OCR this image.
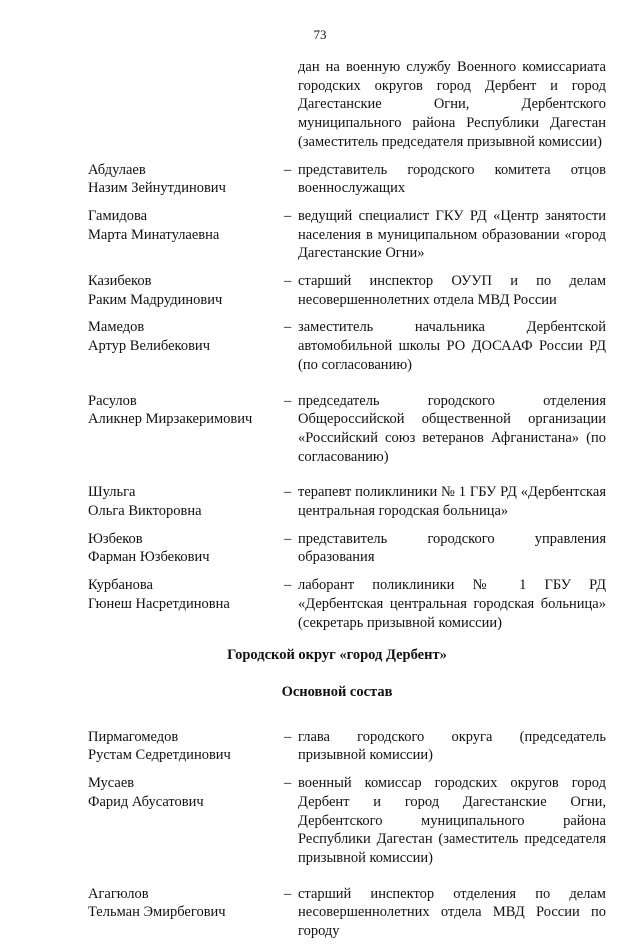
73
дан на военную службу Военного комиссариата городских округов город Дербент и город Дагестанские Огни, Дербентского муниципального района Республики Дагестан (заместитель председателя призывной комиссии)
Абдулаев
Назим Зейнутдинович
– представитель городского комитета отцов военнослужащих
Гамидова
Марта Минатулаевна
– ведущий специалист ГКУ РД «Центр занятости населения в муниципальном образовании «город Дагестанские Огни»
Казибеков
Раким Мадрудинович
– старший инспектор ОУУП и по делам несовершеннолетних отдела МВД России
Мамедов
Артур Велибекович
– заместитель начальника Дербентской автомобильной школы РО ДОСААФ России РД (по согласованию)
Расулов
Аликнер Мирзакеримович
– председатель городского отделения Общероссийской общественной организации «Российский союз ветеранов Афганистана» (по согласованию)
Шульга
Ольга Викторовна
– терапевт поликлиники № 1 ГБУ РД «Дербентская центральная городская больница»
Юзбеков
Фарман Юзбекович
– представитель городского управления образования
Курбанова
Гюнеш Насретдиновна
– лаборант поликлиники № 1 ГБУ РД «Дербентская центральная городская больница» (секретарь призывной комиссии)
Городской округ «город Дербент»
Основной состав
Пирмагомедов
Рустам Седретдинович
– глава городского округа (председатель призывной комиссии)
Мусаев
Фарид Абусатович
– военный комиссар городских округов город Дербент и город Дагестанские Огни, Дербентского муниципального района Республики Дагестан (заместитель председателя призывной комиссии)
Агагюлов
Тельман Эмирбегович
– старший инспектор отделения по делам несовершеннолетних отдела МВД России по городу
